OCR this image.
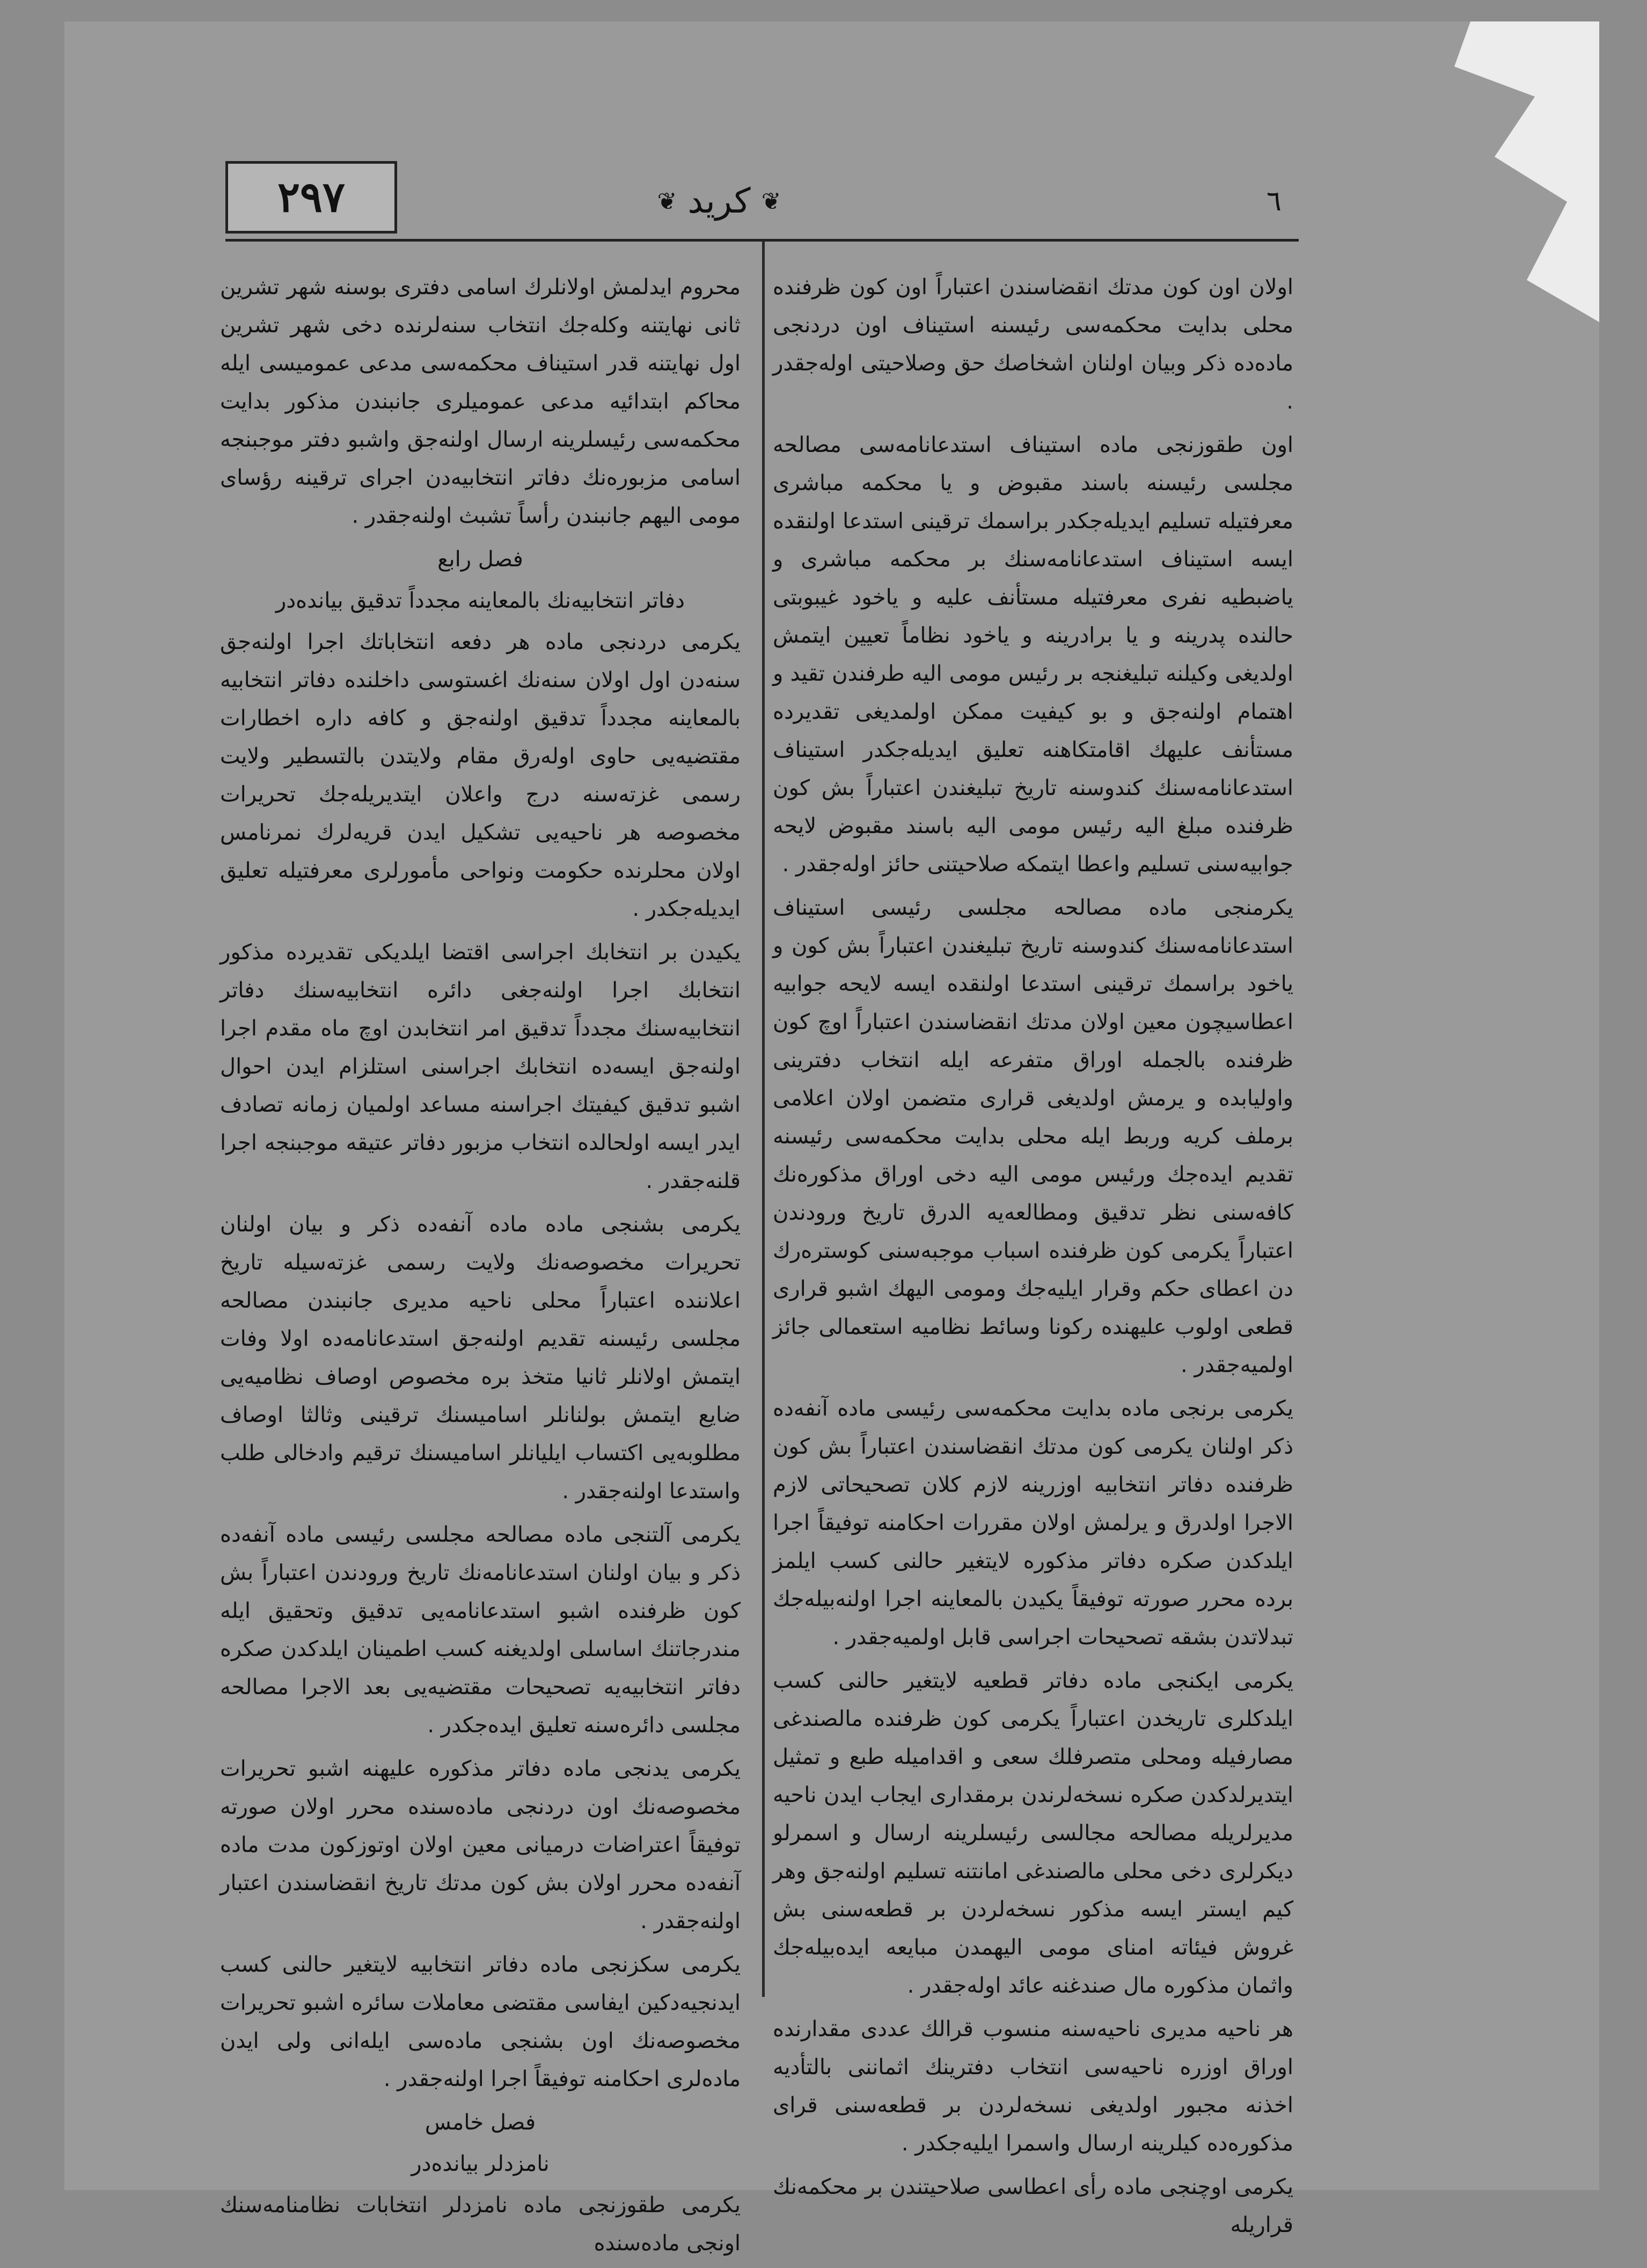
٢٩٧	❦ كريد ❦	٦

اولان اون كون مدتك انقضاسندن اعتباراً اون كون ظرفنده محلى بدايت محكمه‌سى رئيسنه استيناف اون دردنجى ماده‌ده ذكر وبيان اولنان اشخاصك حق وصلاحيتى اوله‌جقدر .

اون طقوزنجى ماده استيناف استدعانامه‌سى مصالحه مجلسى رئيسنه باسند مقبوض و يا محكمه مباشرى معرفتيله تسليم ايديله‌جكدر براسمك ترقينى استدعا اولنقده ايسه استيناف استدعانامه‌سنك بر محكمه مباشرى و ياضبطيه نفرى معرفتيله مستأنف عليه و ياخود غيبوبتى حالنده پدرينه و يا برادرينه و ياخود نظاماً تعيين ايتمش اولديغى وكيلنه تبليغنجه بر رئيس مومى اليه طرفندن تقيد و اهتمام اولنه‌جق و بو كيفيت ممكن اولمديغى تقديرده مستأنف عليهك اقامتكاهنه تعليق ايديله‌جكدر استيناف استدعانامه‌سنك كندوسنه تاريخ تبليغندن اعتباراً بش كون ظرفنده مبلغ اليه رئيس مومى اليه باسند مقبوض لايحه جوابيه‌سنى تسليم واعطا ايتمكه صلاحيتنى حائز اوله‌جقدر .

يكرمنجى ماده مصالحه مجلسى رئيسى استيناف استدعانامه‌سنك كندوسنه تاريخ تبليغندن اعتباراً بش كون و ياخود براسمك ترقينى استدعا اولنقده ايسه لايحه جوابيه اعطاسيچون معين اولان مدتك انقضاسندن اعتباراً اوچ كون ظرفنده بالجمله اوراق متفرعه ايله انتخاب دفترينى واوليابده و يرمش اولديغى قرارى متضمن اولان اعلامى برملف كريه وربط ايله محلى بدايت محكمه‌سى رئيسنه تقديم ايده‌جك ورئيس مومى اليه دخى اوراق مذكوره‌نك كافه‌سنى نظر تدقيق ومطالعه‌يه الدرق تاريخ ورودندن اعتباراً يكرمى كون ظرفنده اسباب موجبه‌سنى كوستره‌رك دن اعطاى حكم وقرار ايليه‌جك ومومى اليهك اشبو قرارى قطعى اولوب عليهنده ركونا وسائط نظاميه استعمالى جائز اولميه‌جقدر .

يكرمى برنجى ماده بدايت محكمه‌سى رئيسى ماده آنفه‌ده ذكر اولنان يكرمى كون مدتك انقضاسندن اعتباراً بش كون ظرفنده دفاتر انتخابيه اوزرينه لازم كلان تصحيحاتى لازم الاجرا اولدرق و يرلمش اولان مقررات احكامنه توفيقاً اجرا ايلدكدن صكره دفاتر مذكوره لايتغير حالنى كسب ايلمز برده محرر صورته توفيقاً يكيدن بالمعاينه اجرا اولنه‌بيله‌جك تبدلاتدن بشقه تصحيحات اجراسى قابل اولميه‌جقدر .

يكرمى ايكنجى ماده دفاتر قطعيه لايتغير حالنى كسب ايلدكلرى تاريخدن اعتباراً يكرمى كون ظرفنده مالصندغى مصارفيله ومحلى متصرفلك سعى و اقداميله طبع و تمثيل ايتديرلدكدن صكره نسخه‌لرندن برمقدارى ايجاب ايدن ناحيه مديرلريله مصالحه مجالسى رئيسلرينه ارسال و اسمرلو ديكرلرى دخى محلى مالصندغى امانتنه تسليم اولنه‌جق وهر كيم ايستر ايسه مذكور نسخه‌لردن بر قطعه‌سنى بش غروش فيئاته امناى مومى اليهمدن مبايعه ايده‌بيله‌جك واثمان مذكوره مال صندغنه عائد اوله‌جقدر .

هر ناحيه مديرى ناحيه‌سنه منسوب قرالك عددى مقدارنده اوراق اوزره ناحيه‌سى انتخاب دفترينك اثماننى بالتأديه اخذنه مجبور اولديغى نسخه‌لردن بر قطعه‌سنى قراى مذكوره‌ده كيلرينه ارسال واسمرا ايليه‌جكدر .

يكرمى اوچنجى ماده رأى اعطاسى صلاحيتندن بر محكمه‌نك قراريله

محروم ايدلمش اولانلرك اسامى دفترى بوسنه شهر تشرين ثانى نهايتنه وكله‌جك انتخاب سنه‌لرنده دخى شهر تشرين اول نهايتنه قدر استيناف محكمه‌سى مدعى عموميسى ايله محاكم ابتدائيه مدعى عموميلرى جانبندن مذكور بدايت محكمه‌سى رئيسلرينه ارسال اولنه‌جق واشبو دفتر موجبنجه اسامى مزبوره‌نك دفاتر انتخابيه‌دن اجراى ترقينه رؤساى مومى اليهم جانبندن رأساً تشبث اولنه‌جقدر .

فصل رابع

دفاتر انتخابيه‌نك بالمعاينه مجدداً تدقيق بيانده‌در

يكرمى دردنجى ماده هر دفعه انتخاباتك اجرا اولنه‌جق سنه‌دن اول اولان سنه‌نك اغستوسى داخلنده دفاتر انتخابيه بالمعاينه مجدداً تدقيق اولنه‌جق و كافه داره اخطارات مقتضيه‌يى حاوى اوله‌رق مقام ولايتدن بالتسطير ولايت رسمى غزته‌سنه درج واعلان ايتديريله‌جك تحريرات مخصوصه هر ناحيه‌يى تشكيل ايدن قريه‌لرك نمرنامس اولان محلرنده حكومت ونواحى مأمورلرى معرفتيله تعليق ايديله‌جكدر .

يكيدن بر انتخابك اجراسى اقتضا ايلديكى تقديرده مذكور انتخابك اجرا اولنه‌جغى دائره انتخابيه‌سنك دفاتر انتخابيه‌سنك مجدداً تدقيق امر انتخابدن اوچ ماه مقدم اجرا اولنه‌جق ايسه‌ده انتخابك اجراسنى استلزام ايدن احوال اشبو تدقيق كيفيتك اجراسنه مساعد اولميان زمانه تصادف ايدر ايسه اولحالده انتخاب مزبور دفاتر عتيقه موجبنجه اجرا قلنه‌جقدر .

يكرمى بشنجى ماده ماده آنفه‌ده ذكر و بيان اولنان تحريرات مخصوصه‌نك ولايت رسمى غزته‌سيله تاريخ اعلاننده اعتباراً محلى ناحيه مديرى جانبندن مصالحه مجلسى رئيسنه تقديم اولنه‌جق استدعانامه‌ده اولا وفات ايتمش اولانلر ثانيا متخذ بره مخصوص اوصاف نظاميه‌يى ضايع ايتمش بولنانلر اساميسنك ترقينى وثالثا اوصاف مطلوبه‌يى اكتساب ايليانلر اساميسنك ترقيم وادخالى طلب واستدعا اولنه‌جقدر .

يكرمى آلتنجى ماده مصالحه مجلسى رئيسى ماده آنفه‌ده ذكر و بيان اولنان استدعانامه‌نك تاريخ ورودندن اعتباراً بش كون ظرفنده اشبو استدعانامه‌يى تدقيق وتحقيق ايله مندرجاتنك اساسلى اولديغنه كسب اطمينان ايلدكدن صكره دفاتر انتخابيه‌يه تصحيحات مقتضيه‌يى بعد الاجرا مصالحه مجلسى دائره‌سنه تعليق ايده‌جكدر .

يكرمى يدنجى ماده دفاتر مذكوره عليهنه اشبو تحريرات مخصوصه‌نك اون دردنجى ماده‌سنده محرر اولان صورته توفيقاً اعتراضات درميانى معين اولان اوتوزكون مدت ماده آنفه‌ده محرر اولان بش كون مدتك تاريخ انقضاسندن اعتبار اولنه‌جقدر .

يكرمى سكزنجى ماده دفاتر انتخابيه لايتغير حالنى كسب ايدنجيه‌دكين ايفاسى مقتضى معاملات سائره اشبو تحريرات مخصوصه‌نك اون بشنجى ماده‌سى ايله‌انى ولى ايدن ماده‌لرى احكامنه توفيقاً اجرا اولنه‌جقدر .

فصل خامس

نامزدلر بيانده‌در

يكرمى طقوزنجى ماده نامزدلر انتخابات نظامنامه‌سنك اونجى ماده‌سنده
